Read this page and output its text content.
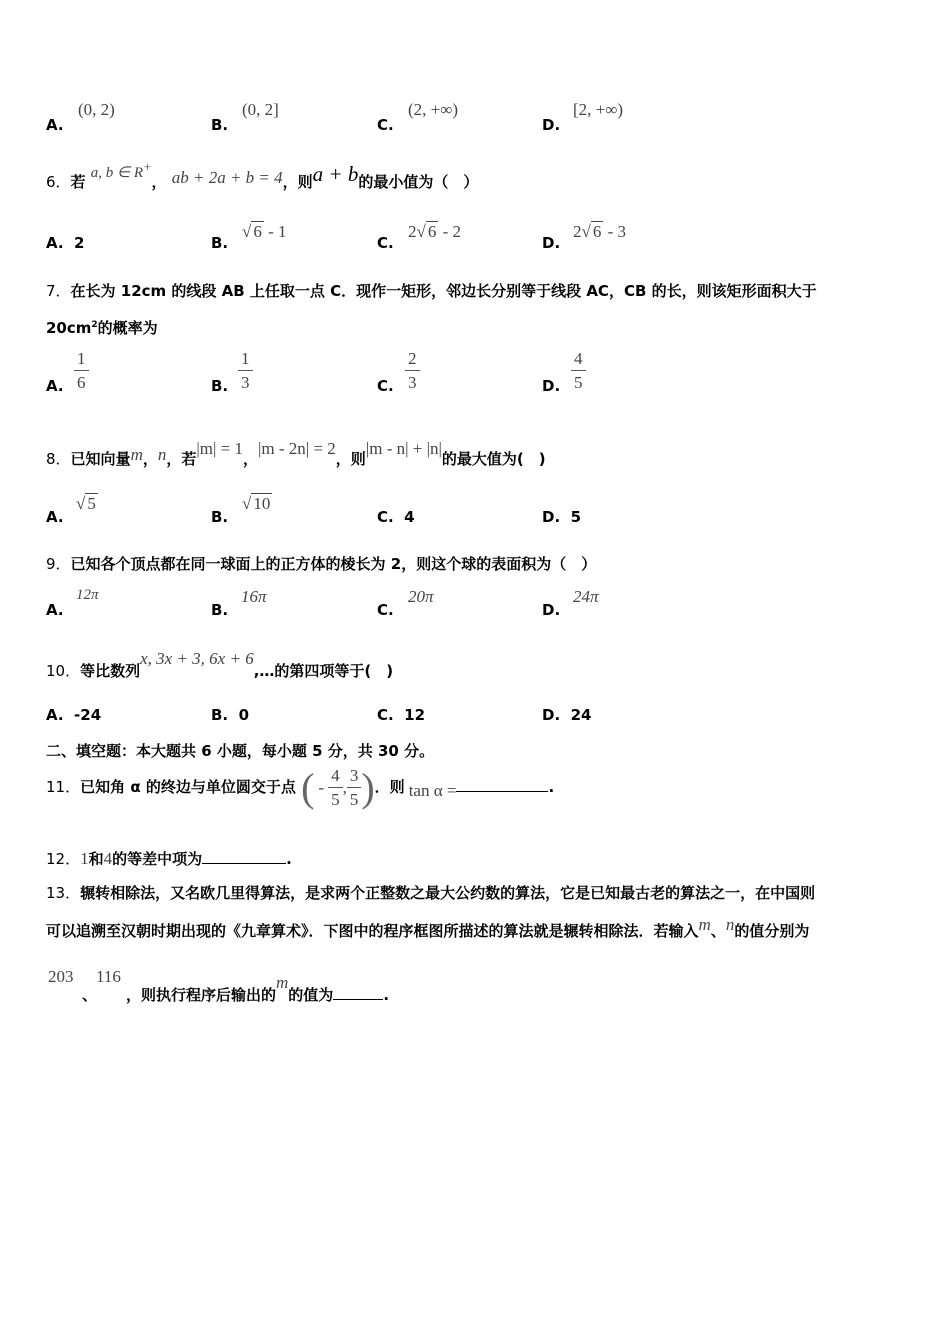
A.
(0, 2)
B.
(0, 2]
C.
(2, +∞)
D.
[2, +∞)
6．若 a, b ∈ R+， ab + 2a + b = 4，则a + b的最小值为（　）
A. 2	B.
√ 6 - 1
C.
2√ 6 - 2
D.
2√ 6 - 3
7．在长为 12cm 的线段 AB 上任取一点 C．现作一矩形，邻边长分别等于线段 AC，CB 的长，则该矩形面积大于
$20cm^2$的概率为
A. $\frac{1}{6}$	B. $\frac{1}{3}$	C. $\frac{2}{3}$	D. $\frac{4}{5}$
8．已知向量m，n，若|m| = 1，|m - 2n| = 2，则|m - n| + |n|的最大值为(　)
A.
√ 5
B.
√ 10
C. 4	D. 5
9．已知各个顶点都在同一球面上的正方体的棱长为 2，则这个球的表面积为（　）
A.
12π
B.
16π
C.
20π
D.
24π
10．等比数列x, 3x + 3, 6x + 6,…的第四项等于(　)
A. -24	B. 0	C. 12	D. 24
二、填空题：本大题共 6 小题，每小题 5 分，共 30 分。
11．已知角 α 的终边与单位圆交于点 ( - $\frac{4}{5}$ , $\frac{3}{5}$ ) ．则 tan α =	.
12．1和4的等差中项为	.
13．辗转相除法，又名欧几里得算法，是求两个正整数之最大公约数的算法，它是已知最古老的算法之一，在中国则
可以追溯至汉朝时期出现的《九章算术》．下图中的程序框图所描述的算法就是辗转相除法．若输入m、n的值分别为
203
、
116
，则执行程序后输出的m的值为	.
